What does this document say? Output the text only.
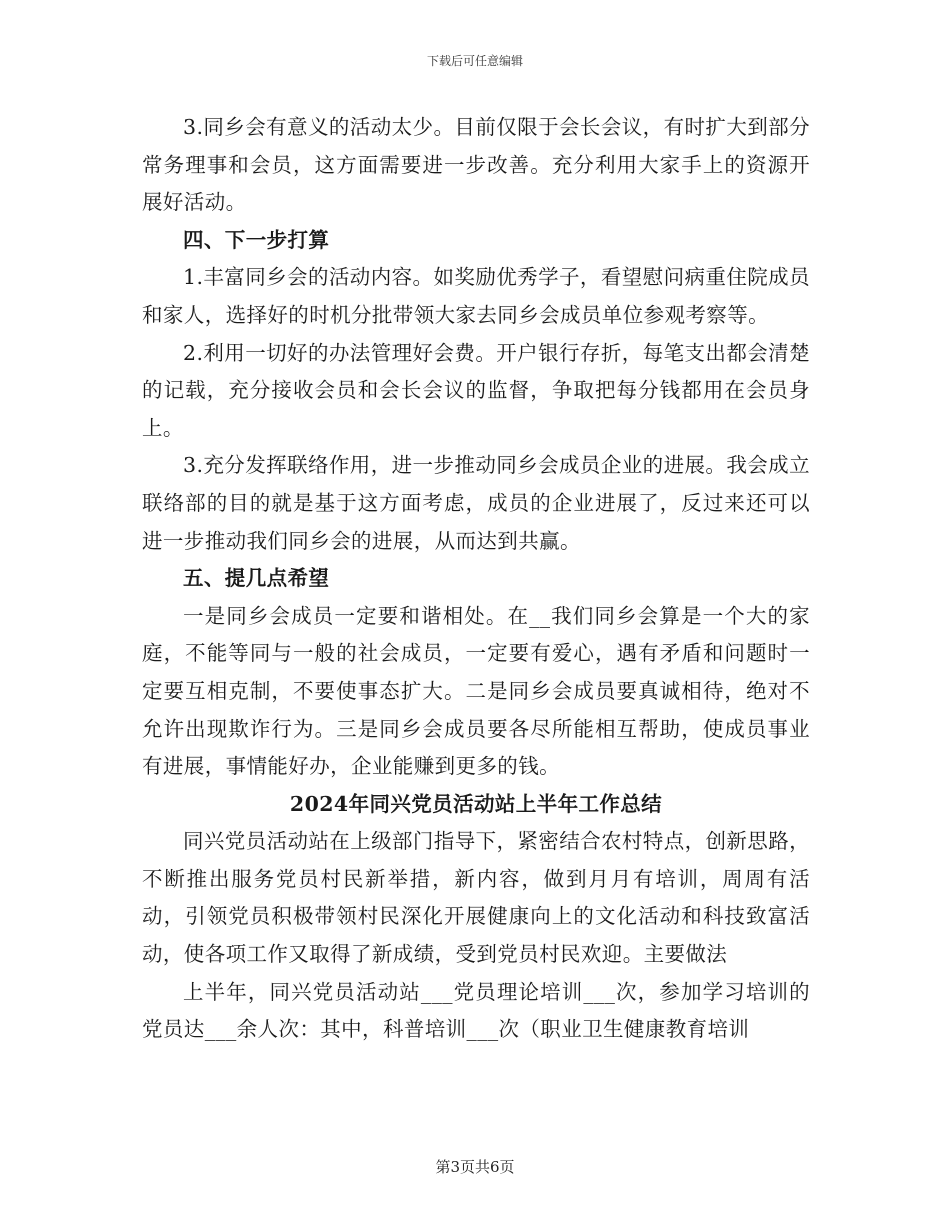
下载后可任意编辑

3.同乡会有意义的活动太少。目前仅限于会长会议，有时扩大到部分常务理事和会员，这方面需要进一步改善。充分利用大家手上的资源开展好活动。

四、下一步打算

1.丰富同乡会的活动内容。如奖励优秀学子，看望慰问病重住院成员和家人，选择好的时机分批带领大家去同乡会成员单位参观考察等。

2.利用一切好的办法管理好会费。开户银行存折，每笔支出都会清楚的记载，充分接收会员和会长会议的监督，争取把每分钱都用在会员身上。

3.充分发挥联络作用，进一步推动同乡会成员企业的进展。我会成立联络部的目的就是基于这方面考虑，成员的企业进展了，反过来还可以进一步推动我们同乡会的进展，从而达到共赢。

五、提几点希望

一是同乡会成员一定要和谐相处。在__我们同乡会算是一个大的家庭，不能等同与一般的社会成员，一定要有爱心，遇有矛盾和问题时一定要互相克制，不要使事态扩大。二是同乡会成员要真诚相待，绝对不允许出现欺诈行为。三是同乡会成员要各尽所能相互帮助，使成员事业有进展，事情能好办，企业能赚到更多的钱。

2024年同兴党员活动站上半年工作总结

同兴党员活动站在上级部门指导下，紧密结合农村特点，创新思路，不断推出服务党员村民新举措，新内容，做到月月有培训，周周有活动，引领党员积极带领村民深化开展健康向上的文化活动和科技致富活动，使各项工作又取得了新成绩，受到党员村民欢迎。主要做法

上半年，同兴党员活动站___党员理论培训___次，参加学习培训的党员达___余人次：其中，科普培训___次（职业卫生健康教育培训

第3页共6页
